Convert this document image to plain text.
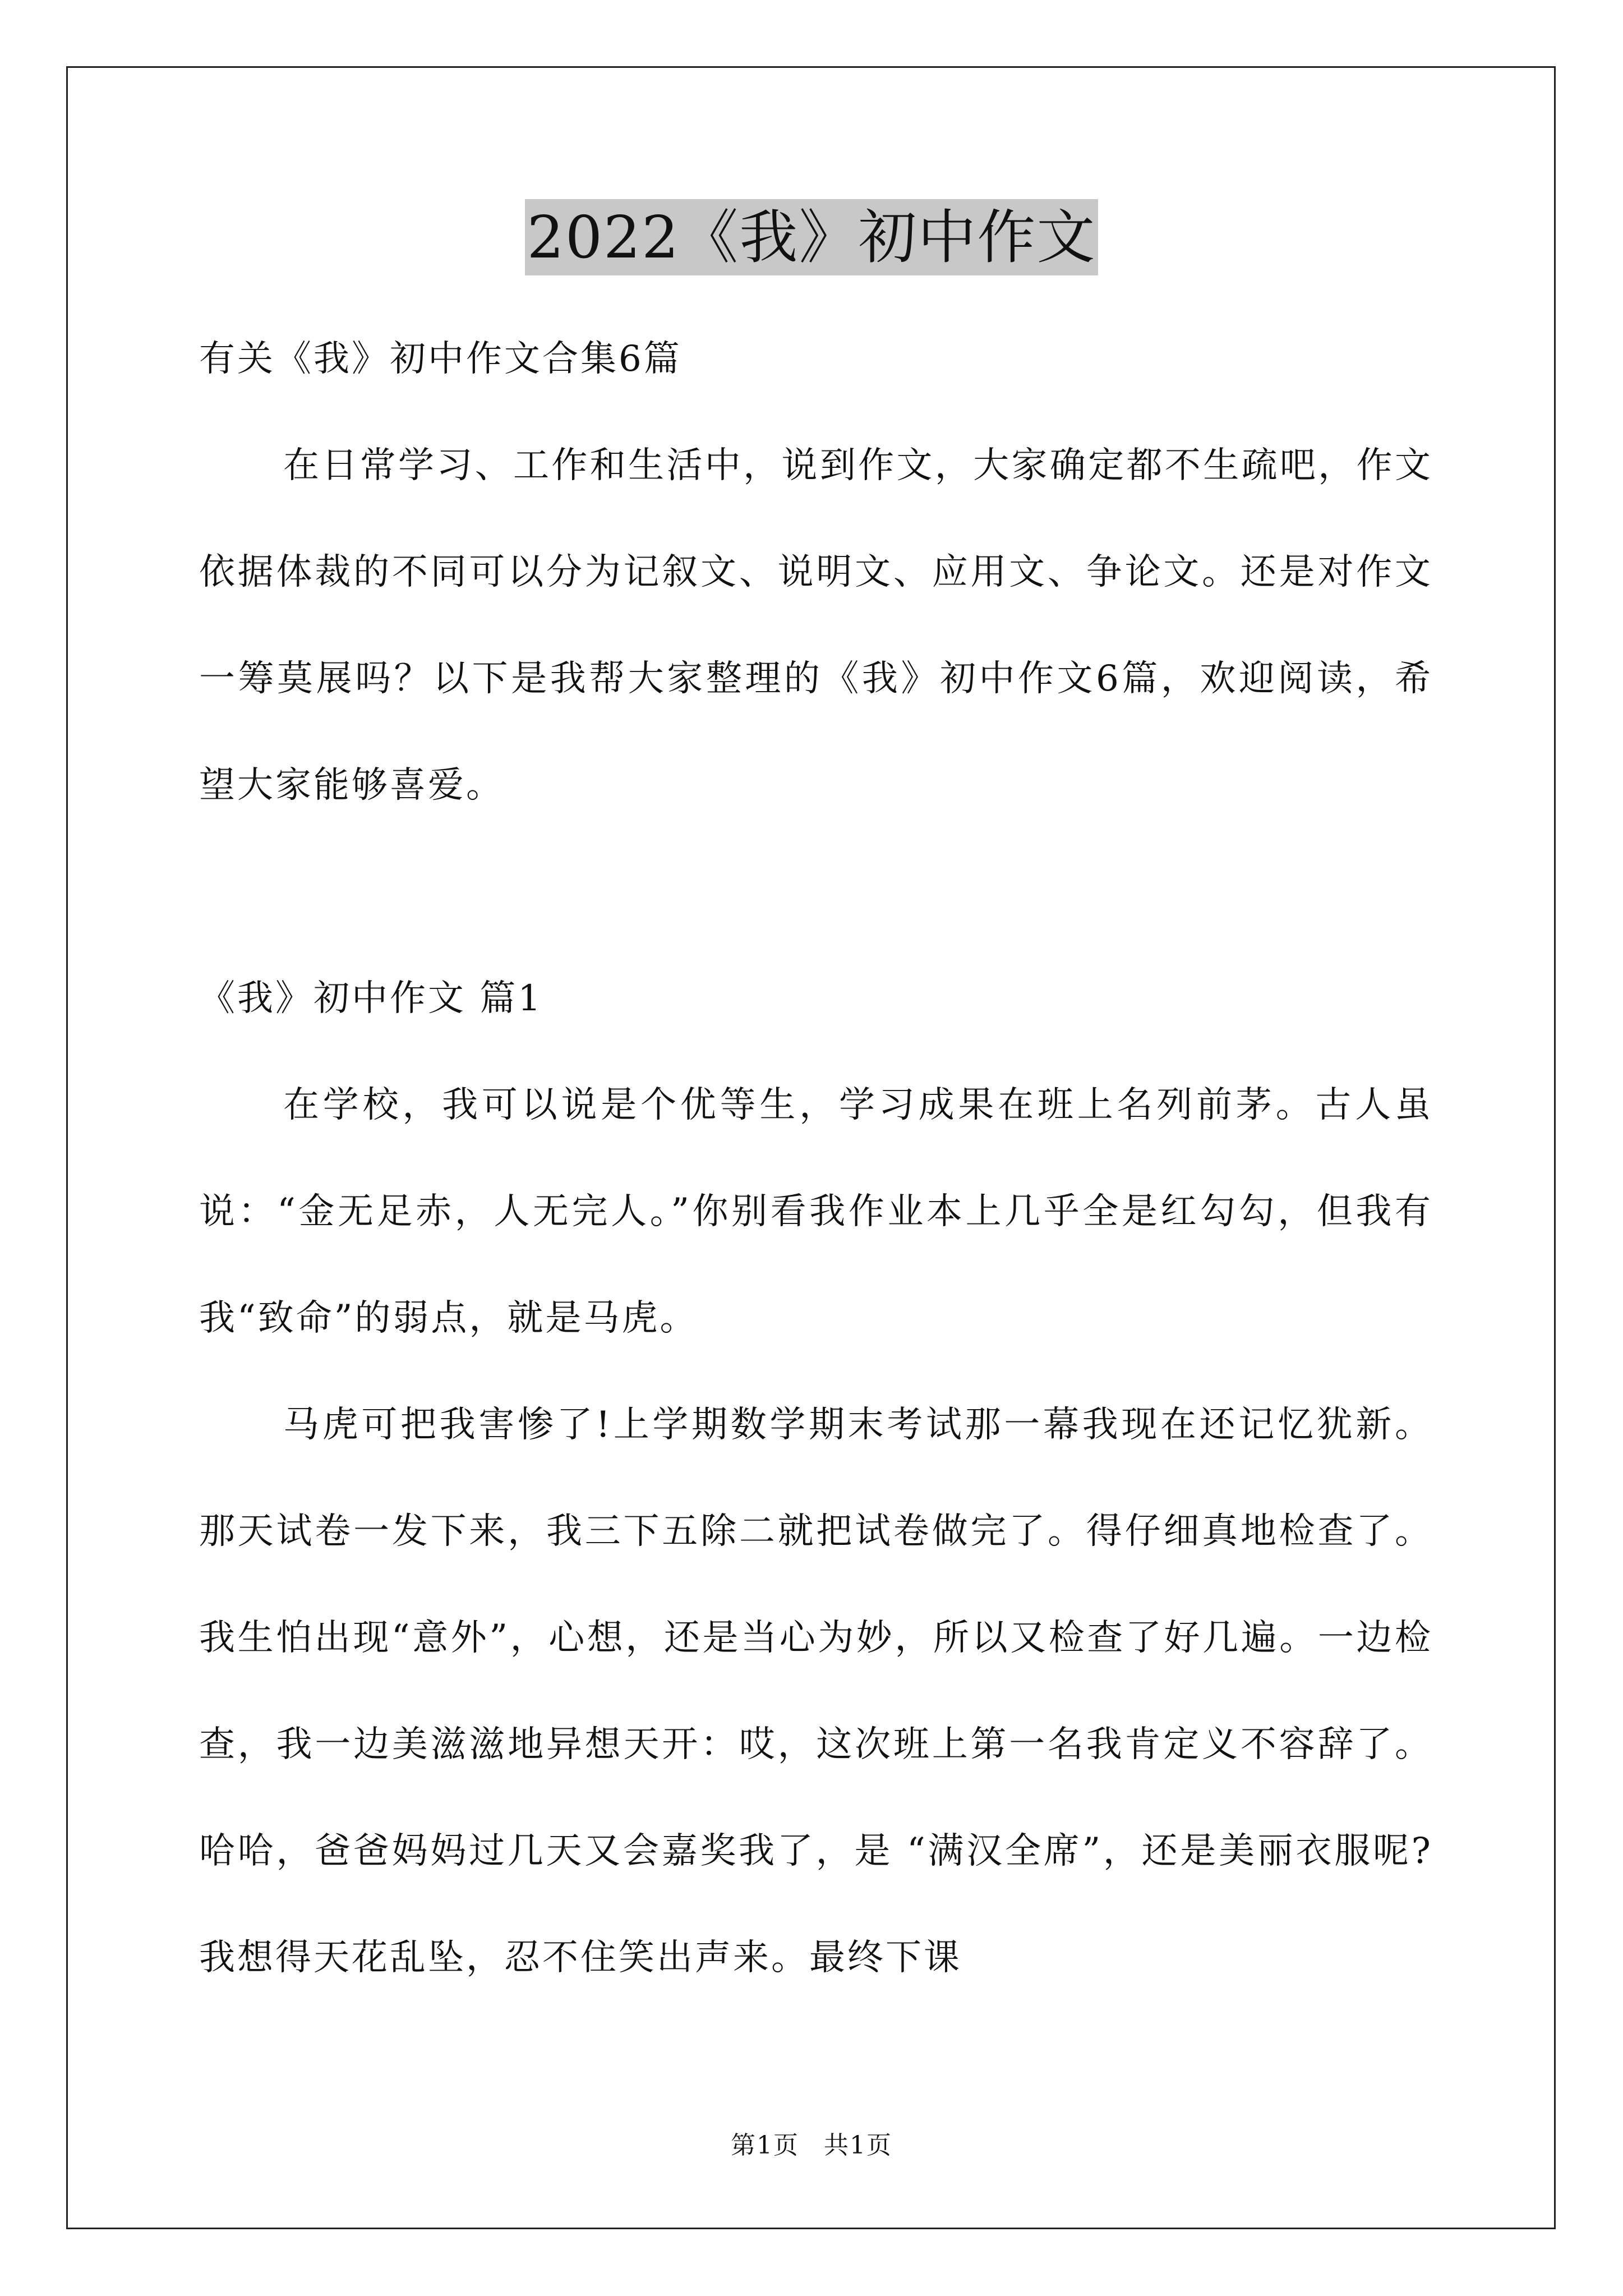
2022《我》初中作文

有关《我》初中作文合集6篇

在日常学习、工作和生活中，说到作文，大家确定都不生疏吧，作文依据体裁的不同可以分为记叙文、说明文、应用文、争论文。还是对作文一筹莫展吗？以下是我帮大家整理的《我》初中作文6篇，欢迎阅读，希望大家能够喜爱。

《我》初中作文 篇1

在学校，我可以说是个优等生，学习成果在班上名列前茅。古人虽说：“金无足赤，人无完人。”你别看我作业本上几乎全是红勾勾，但我有我“致命”的弱点，就是马虎。

马虎可把我害惨了!上学期数学期末考试那一幕我现在还记忆犹新。那天试卷一发下来，我三下五除二就把试卷做完了。得仔细真地检查了。我生怕出现“意外”，心想，还是当心为妙，所以又检查了好几遍。一边检查，我一边美滋滋地异想天开：哎，这次班上第一名我肯定义不容辞了。哈哈，爸爸妈妈过几天又会嘉奖我了，是 “满汉全席”，还是美丽衣服呢?我想得天花乱坠，忍不住笑出声来。最终下课

第1页 共1页
